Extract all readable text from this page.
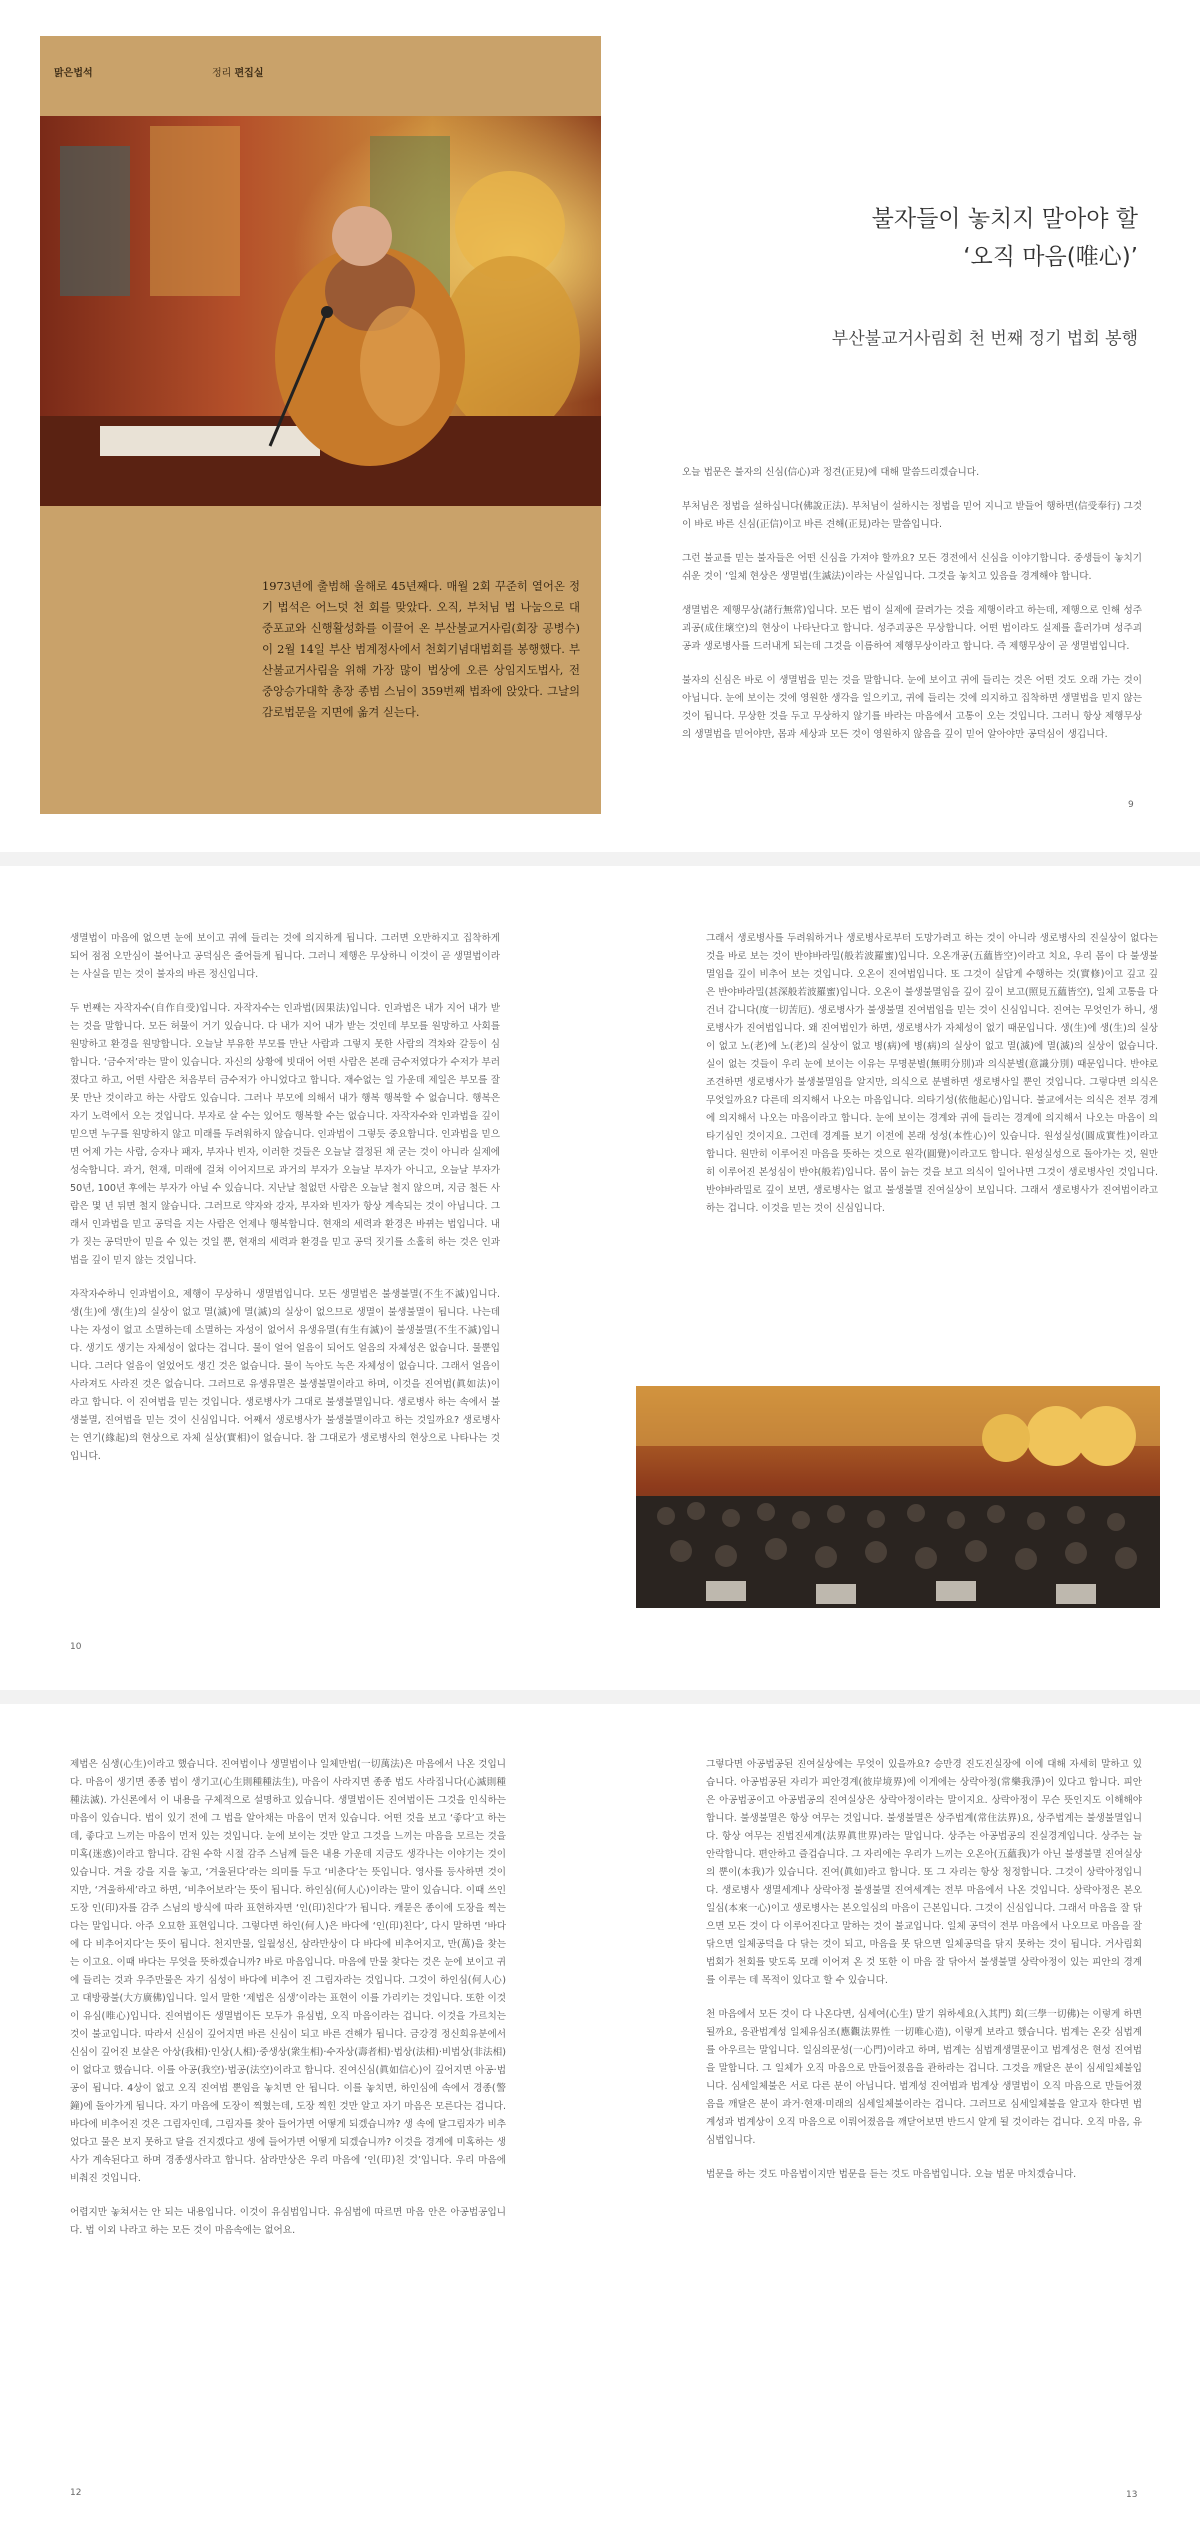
맑은법석	정리 편집실
1973년에 출범해 올해로 45년째다. 매월 2회 꾸준히 열어온 정기 법석은 어느덧 천 회를 맞았다. 오직, 부처님 법 나눔으로 대중포교와 신행활성화를 이끌어 온 부산불교거사림(회장 공병수)이 2월 14일 부산 범계정사에서 천회기념대법회를 봉행했다. 부산불교거사림을 위해 가장 많이 법상에 오른 상임지도법사, 전 중앙승가대학 총장 종범 스님이 359번째 법좌에 앉았다. 그날의 감로법문을 지면에 옮겨 싣는다.
불자들이 놓치지 말아야 할
‘오직 마음(唯心)’
부산불교거사림회 천 번째 정기 법회 봉행

오늘 법문은 불자의 신심(信心)과 정견(正見)에 대해 말씀드리겠습니다.

부처님은 정법을 설하십니다(佛說正法). 부처님이 설하시는 정법을 믿어 지니고 받들어 행하면(信受奉行) 그것이 바로 바른 신심(正信)이고 바른 견해(正見)라는 말씀입니다.

그런 불교를 믿는 불자들은 어떤 신심을 가져야 할까요? 모든 경전에서 신심을 이야기합니다. 중생들이 놓치기 쉬운 것이 ‘일체 현상은 생멸법(生滅法)이라는 사실입니다. 그것을 놓치고 있음을 경계해야 합니다.

생멸법은 제행무상(諸行無常)입니다. 모든 법이 실제에 끌려가는 것을 제행이라고 하는데, 제행으로 인해 성주괴공(成住壞空)의 현상이 나타난다고 합니다. 성주괴공은 무상합니다. 어떤 법이라도 실제를 흘러가며 성주괴공과 생로병사를 드러내게 되는데 그것을 이름하여 제행무상이라고 합니다. 즉 제행무상이 곧 생멸법입니다.

불자의 신심은 바로 이 생멸법을 믿는 것을 말합니다. 눈에 보이고 귀에 들리는 것은 어떤 것도 오래 가는 것이 아닙니다. 눈에 보이는 것에 영원한 생각을 일으키고, 귀에 들리는 것에 의지하고 집착하면 생멸법을 믿지 않는 것이 됩니다. 무상한 것을 두고 무상하지 않기를 바라는 마음에서 고통이 오는 것입니다. 그러니 항상 제행무상의 생멸법을 믿어야만, 몸과 세상과 모든 것이 영원하지 않음을 깊이 믿어 알아야만 공덕심이 생깁니다.

9

생멸법이 마음에 없으면 눈에 보이고 귀에 들리는 것에 의지하게 됩니다. 그러면 오만하지고 집착하게 되어 점점 오만심이 불어나고 공덕심은 줄어들게 됩니다. 그러니 제행은 무상하니 이것이 곧 생멸법이라는 사실을 믿는 것이 불자의 바른 정신입니다.

두 번째는 자작자수(自作自受)입니다. 자작자수는 인과법(因果法)입니다. 인과법은 내가 지어 내가 받는 것을 말합니다. 모든 허물이 거기 있습니다. 다 내가 지어 내가 받는 것인데 부모를 원망하고 사회를 원망하고 환경을 원망합니다. 오늘날 부유한 부모를 만난 사람과 그렇지 못한 사람의 격차와 갈등이 심합니다. ‘금수저’라는 말이 있습니다. 자신의 상황에 빗대어 어떤 사람은 본래 금수저였다가 수저가 부러졌다고 하고, 어떤 사람은 처음부터 금수저가 아니었다고 합니다. 재수없는 일 가운데 제일은 부모를 잘못 만난 것이라고 하는 사람도 있습니다. 그러나 부모에 의해서 내가 행복 행복할 수 없습니다. 행복은 자기 노력에서 오는 것입니다. 부자로 살 수는 있어도 행복할 수는 없습니다. 자작자수와 인과법을 깊이 믿으면 누구를 원망하지 않고 미래를 두려워하지 않습니다. 인과법이 그렇듯 중요합니다. 인과법을 믿으면 어제 가는 사람, 승자나 패자, 부자나 빈자, 이러한 것들은 오늘날 결정된 채 굳는 것이 아니라 실제에 성숙합니다. 과거, 현재, 미래에 걸쳐 이어지므로 과거의 부자가 오늘날 부자가 아니고, 오늘날 부자가 50년, 100년 후에는 부자가 아닐 수 있습니다. 지난날 철없던 사람은 오늘날 철지 않으며, 지금 철든 사람은 몇 년 뒤면 철지 않습니다. 그러므로 약자와 강자, 부자와 빈자가 항상 계속되는 것이 아닙니다. 그래서 인과법을 믿고 공덕을 지는 사람은 언제나 행복합니다. 현재의 세력과 환경은 바뀌는 법입니다. 내가 짓는 공덕만이 믿을 수 있는 것일 뿐, 현재의 세력과 환경을 믿고 공덕 짓기를 소홀히 하는 것은 인과법을 깊이 믿지 않는 것입니다.

자작자수하니 인과법이요, 제행이 무상하니 생멸법입니다. 모든 생멸법은 불생불멸(不生不滅)입니다. 생(生)에 생(生)의 실상이 없고 멸(滅)에 멸(滅)의 실상이 없으므로 생멸이 불생불멸이 됩니다. 나는데 나는 자성이 없고 소멸하는데 소멸하는 자성이 없어서 유생유멸(有生有滅)이 불생불멸(不生不滅)입니다. 생기도 생기는 자체성이 없다는 겁니다. 물이 얼어 얼음이 되어도 얼음의 자체성은 없습니다. 물뿐입니다. 그러다 얼음이 얼었어도 생긴 것은 없습니다. 물이 녹아도 녹은 자체성이 없습니다. 그래서 얼음이 사라져도 사라진 것은 없습니다. 그러므로 유생유멸은 불생불멸이라고 하며, 이것을 진여법(眞如法)이라고 합니다. 이 진여법을 믿는 것입니다. 생로병사가 그대로 불생불멸입니다. 생로병사 하는 속에서 불생불멸, 진여법을 믿는 것이 신심입니다. 어째서 생로병사가 불생불멸이라고 하는 것일까요? 생로병사는 연기(緣起)의 현상으로 자체 실상(實相)이 없습니다. 참 그대로가 생로병사의 현상으로 나타나는 것입니다.

10

그래서 생로병사를 두려워하거나 생로병사로부터 도망가려고 하는 것이 아니라 생로병사의 진실상이 없다는 것을 바로 보는 것이 반야바라밀(般若波羅蜜)입니다. 오온개공(五蘊皆空)이라고 치요, 우리 몸이 다 불생불멸임을 깊이 비추어 보는 것입니다. 오온이 진여법입니다. 또 그것이 실답게 수행하는 것(實修)이고 깊고 깊은 반야바라밀(甚深般若波羅蜜)입니다. 오온이 불생불멸임을 깊이 깊이 보고(照見五蘊皆空), 일체 고통을 다 건너 갑니다(度一切苦厄). 생로병사가 불생불멸 진여법임을 믿는 것이 신심입니다. 진여는 무엇인가 하니, 생로병사가 진여법입니다. 왜 진여법인가 하면, 생로병사가 자체성이 없기 때문입니다. 생(生)에 생(生)의 실상이 없고 노(老)에 노(老)의 실상이 없고 병(病)에 병(病)의 실상이 없고 멸(滅)에 멸(滅)의 실상이 없습니다. 실이 없는 것들이 우리 눈에 보이는 이유는 무명분별(無明分別)과 의식분별(意識分別) 때문입니다. 반야로 조견하면 생로병사가 불생불멸임을 알지만, 의식으로 분별하면 생로병사일 뿐인 것입니다. 그렇다면 의식은 무엇일까요? 다른데 의지해서 나오는 마음입니다. 의타기성(依他起心)입니다. 불교에서는 의식은 전부 경계에 의지해서 나오는 마음이라고 합니다. 눈에 보이는 경계와 귀에 들리는 경계에 의지해서 나오는 마음이 의타기심인 것이지요. 그런데 경계를 보기 이전에 본래 성성(本性心)이 있습니다. 원성실성(圓成實性)이라고 합니다. 원만히 이루어진 마음을 뜻하는 것으로 원각(圓覺)이라고도 합니다. 원성실성으로 돌아가는 것, 원만히 이루어진 본성심이 반야(般若)입니다. 몸이 늙는 것을 보고 의식이 일어나면 그것이 생로병사인 것입니다. 반야바라밀로 깊이 보면, 생로병사는 없고 불생불멸 진여실상이 보입니다. 그래서 생로병사가 진여법이라고 하는 겁니다. 이것을 믿는 것이 신심입니다.

제법은 심생(心生)이라고 했습니다. 진여법이나 생멸법이나 일체만법(一切萬法)은 마음에서 나온 것입니다. 마음이 생기면 종종 법이 생기고(心生則種種法生), 마음이 사라지면 종종 법도 사라집니다(心滅則種種法滅). 가신론에서 이 내용을 구체적으로 설명하고 있습니다. 생멸법이든 진여법이든 그것을 인식하는 마음이 있습니다. 법이 있기 전에 그 법을 알아채는 마음이 먼저 있습니다. 어떤 것을 보고 ‘좋다’고 하는데, 좋다고 느끼는 마음이 먼저 있는 것입니다. 눈에 보이는 것만 알고 그것을 느끼는 마음을 모르는 것을 미혹(迷惑)이라고 합니다. 감원 수학 시절 감주 스님께 들은 내용 가운데 지금도 생각나는 이야기는 것이 있습니다. 겨울 강을 지을 놓고, ‘겨울된다’라는 의미를 두고 ‘비춘다’는 뜻입니다. 영사를 등사하면 것이지만, ‘겨울하세’라고 하면, ‘비추어보라’는 뜻이 됩니다. 하인심(何人心)이라는 말이 있습니다. 이때 쓰인 도장 인(印)자를 감주 스님의 방식에 따라 표현하자면 ‘인(印)친다’가 됩니다. 캐묻은 종이에 도장을 찍는다는 말입니다. 아주 오묘한 표현입니다. 그렇다면 하인(何人)은 바다에 ‘인(印)친다’, 다시 말하면 ‘바다에 다 비추어지다’는 뜻이 됩니다. 천지만물, 일월성신, 삼라만상이 다 바다에 비추어지고, 만(萬)을 찾는는 이고요. 이때 바다는 무엇을 뜻하겠습니까? 바로 마음입니다. 마음에 만물 찾다는 것은 눈에 보이고 귀에 들리는 것과 우주만물은 자기 심성이 바다에 비추어 진 그림자라는 것입니다. 그것이 하인심(何人心)고 대방광불(大方廣佛)입니다. 일서 말한 ‘제법은 심생’이라는 표현이 이를 가리키는 것입니다. 또한 이것이 유심(唯心)입니다. 진여법이든 생멸법이든 모두가 유심법, 오직 마음이라는 겁니다. 이것을 가르치는 것이 불교입니다. 따라서 신심이 깊어지면 바른 신심이 되고 바른 견해가 됩니다. 금강경 정신희유분에서 신심이 깊어진 보살은 아상(我相)·인상(人相)·중생상(衆生相)·수자상(壽者相)·법상(法相)·비법상(非法相)이 없다고 했습니다. 이를 아공(我空)·법공(法空)이라고 합니다. 진여신심(眞如信心)이 깊어지면 아공·법공이 됩니다. 4상이 없고 오직 진여법 뿐임을 놓치면 안 됩니다. 이를 놓치면, 하인심에 속에서 경종(警鐘)에 돌아가게 됩니다. 자기 마음에 도장이 찍혔는데, 도장 찍힌 것만 알고 자기 마음은 모른다는 겁니다. 바다에 비추어진 것은 그림자인데, 그림자를 찾아 들어가면 어떻게 되겠습니까? 생 속에 달그림자가 비추었다고 물은 보지 못하고 달을 건지겠다고 생에 들어가면 어떻게 되겠습니까? 이것을 경계에 미혹하는 생사가 계속된다고 하며 경종생사라고 합니다. 삼라만상은 우리 마음에 ‘인(印)친 것’입니다. 우리 마음에 비춰진 것입니다.

어렵지만 놓쳐서는 안 되는 내용입니다. 이것이 유심법입니다. 유심법에 따르면 마음 안은 아공법공입니다. 법 이외 나라고 하는 모든 것이 마음속에는 없어요.

12

그렇다면 아공법공된 진여실상에는 무엇이 있을까요? 승만경 진도진실장에 이에 대해 자세히 말하고 있습니다. 아공법공된 자리가 피안경계(彼岸境界)에 이게에는 상락아정(常樂我淨)이 있다고 합니다. 피안은 아공법공이고 아공법공의 진여실상은 상락아정이라는 말이지요. 상락아정이 무슨 뜻인지도 이해해야 합니다. 불생불멸은 항상 여무는 것입니다. 불생불멸은 상주법계(常住法界)요, 상주법계는 불생불멸입니다. 항상 여무는 진법진세계(法界眞世界)라는 말입니다. 상주는 아공법공의 진실경계입니다. 상주는 늘 안락합니다. 편안하고 즐겁습니다. 그 자리에는 우리가 느끼는 오온아(五蘊我)가 아닌 불생불멸 진여실상의 뿐이(本我)가 있습니다. 진여(眞如)라고 합니다. 또 그 자리는 항상 청정합니다. 그것이 상락아정입니다. 생로병사 생멸세계나 상락아정 불생불멸 진여세계는 전부 마음에서 나온 것입니다. 상락아정은 본오일심(本來一心)이고 생로병사는 본오일심의 마음이 근본입니다. 그것이 신심입니다. 그래서 마음을 잘 닦으면 모든 것이 다 이루어진다고 말하는 것이 불교입니다. 일체 공덕이 전부 마음에서 나오므로 마음을 잘 닦으면 일체공덕을 다 닦는 것이 되고, 마음을 못 닦으면 일체공덕을 닦지 못하는 것이 됩니다. 거사림회 법회가 천회를 맞도록 모래 이어져 온 것 또한 이 마음 잘 닦아서 불생불멸 상락아정이 있는 피안의 경계를 이루는 데 목적이 있다고 할 수 있습니다.

천 마음에서 모든 것이 다 나온다면, 심세여(心生) 말기 위하세요(入其門) 회(三學一切佛)는 이렇게 하면 될까요, 응관법계성 일체유심조(應觀法界性 一切唯心造), 이렇게 보라고 했습니다. 법계는 온갖 심법계를 아우르는 말입니다. 일심의문성(一心門)이라고 하며, 법계는 심법계생멸문이고 법계성은 현성 진여법을 말합니다. 그 일체가 오직 마음으로 만들어졌음을 관하라는 겁니다. 그것을 깨달은 분이 심세일체불입니다. 심세일체불은 서로 다른 분이 아닙니다. 법계성 진여법과 법계상 생멸법이 오직 마음으로 만들어졌음을 깨달은 분이 과거·현재·미래의 심세일체불이라는 겁니다. 그러므로 심세일체불을 알고자 한다면 법계성과 법계상이 오직 마음으로 이뤄어졌음을 깨닫어보면 반드시 알게 될 것이라는 겁니다. 오직 마음, 유심법입니다.

법문을 하는 것도 마음법이지만 법문을 듣는 것도 마음법입니다. 오늘 법문 마치겠습니다.

13
